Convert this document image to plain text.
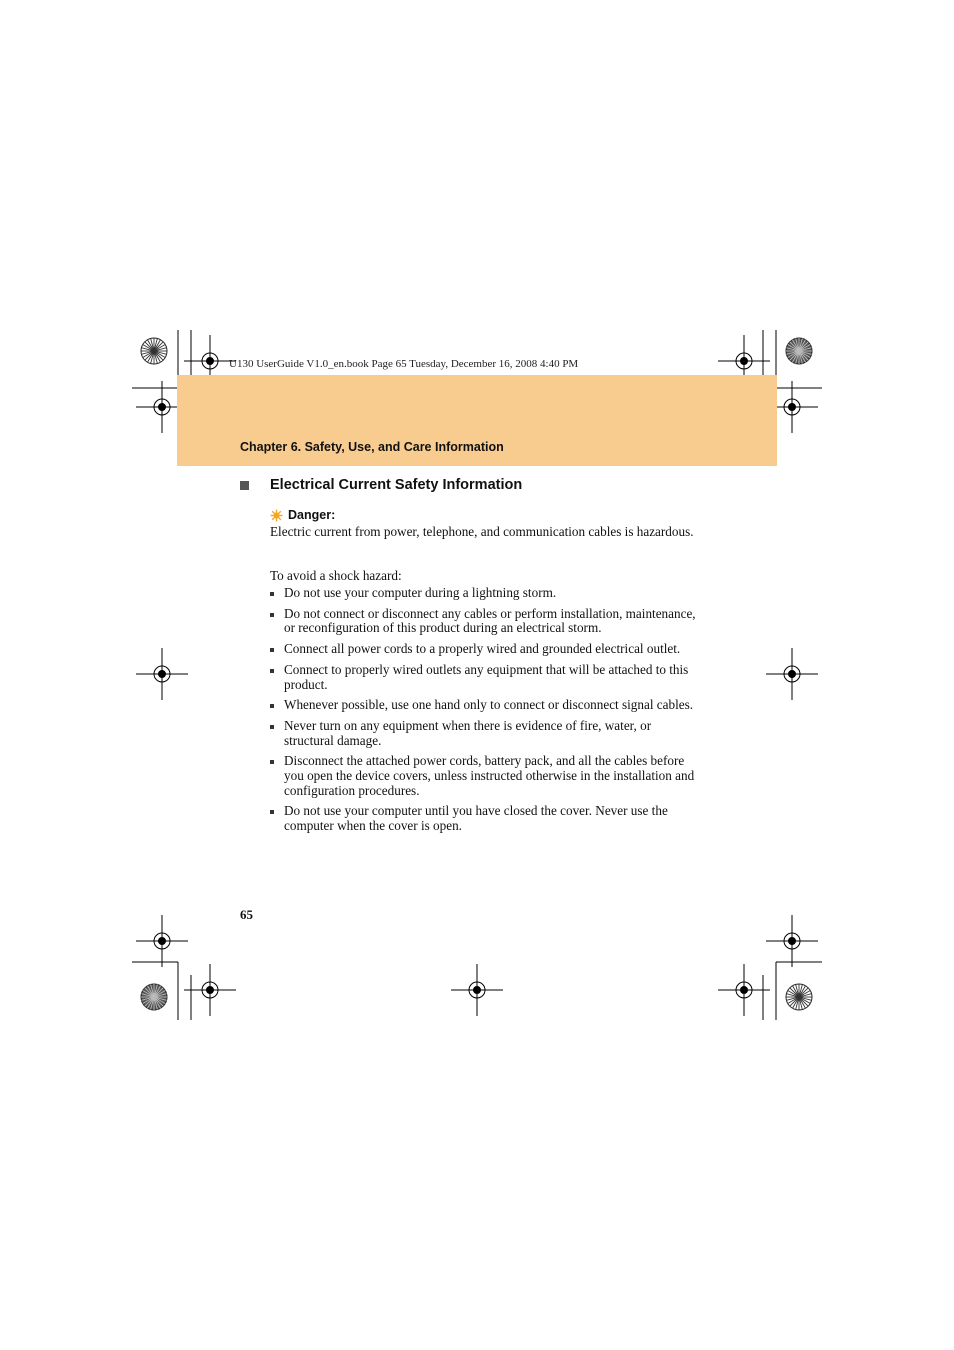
U130 UserGuide V1.0_en.book Page 65 Tuesday, December 16, 2008 4:40 PM
Chapter 6. Safety, Use, and Care Information
Electrical Current Safety Information
Danger:
Electric current from power, telephone, and communication cables is hazardous.
To avoid a shock hazard:
Do not use your computer during a lightning storm.
Do not connect or disconnect any cables or perform installation, maintenance, or reconfiguration of this product during an electrical storm.
Connect all power cords to a properly wired and grounded electrical outlet.
Connect to properly wired outlets any equipment that will be attached to this product.
Whenever possible, use one hand only to connect or disconnect signal cables.
Never turn on any equipment when there is evidence of fire, water, or structural damage.
Disconnect the attached power cords, battery pack, and all the cables before you open the device covers, unless instructed otherwise in the installation and configuration procedures.
Do not use your computer until you have closed the cover. Never use the computer when the cover is open.
65
